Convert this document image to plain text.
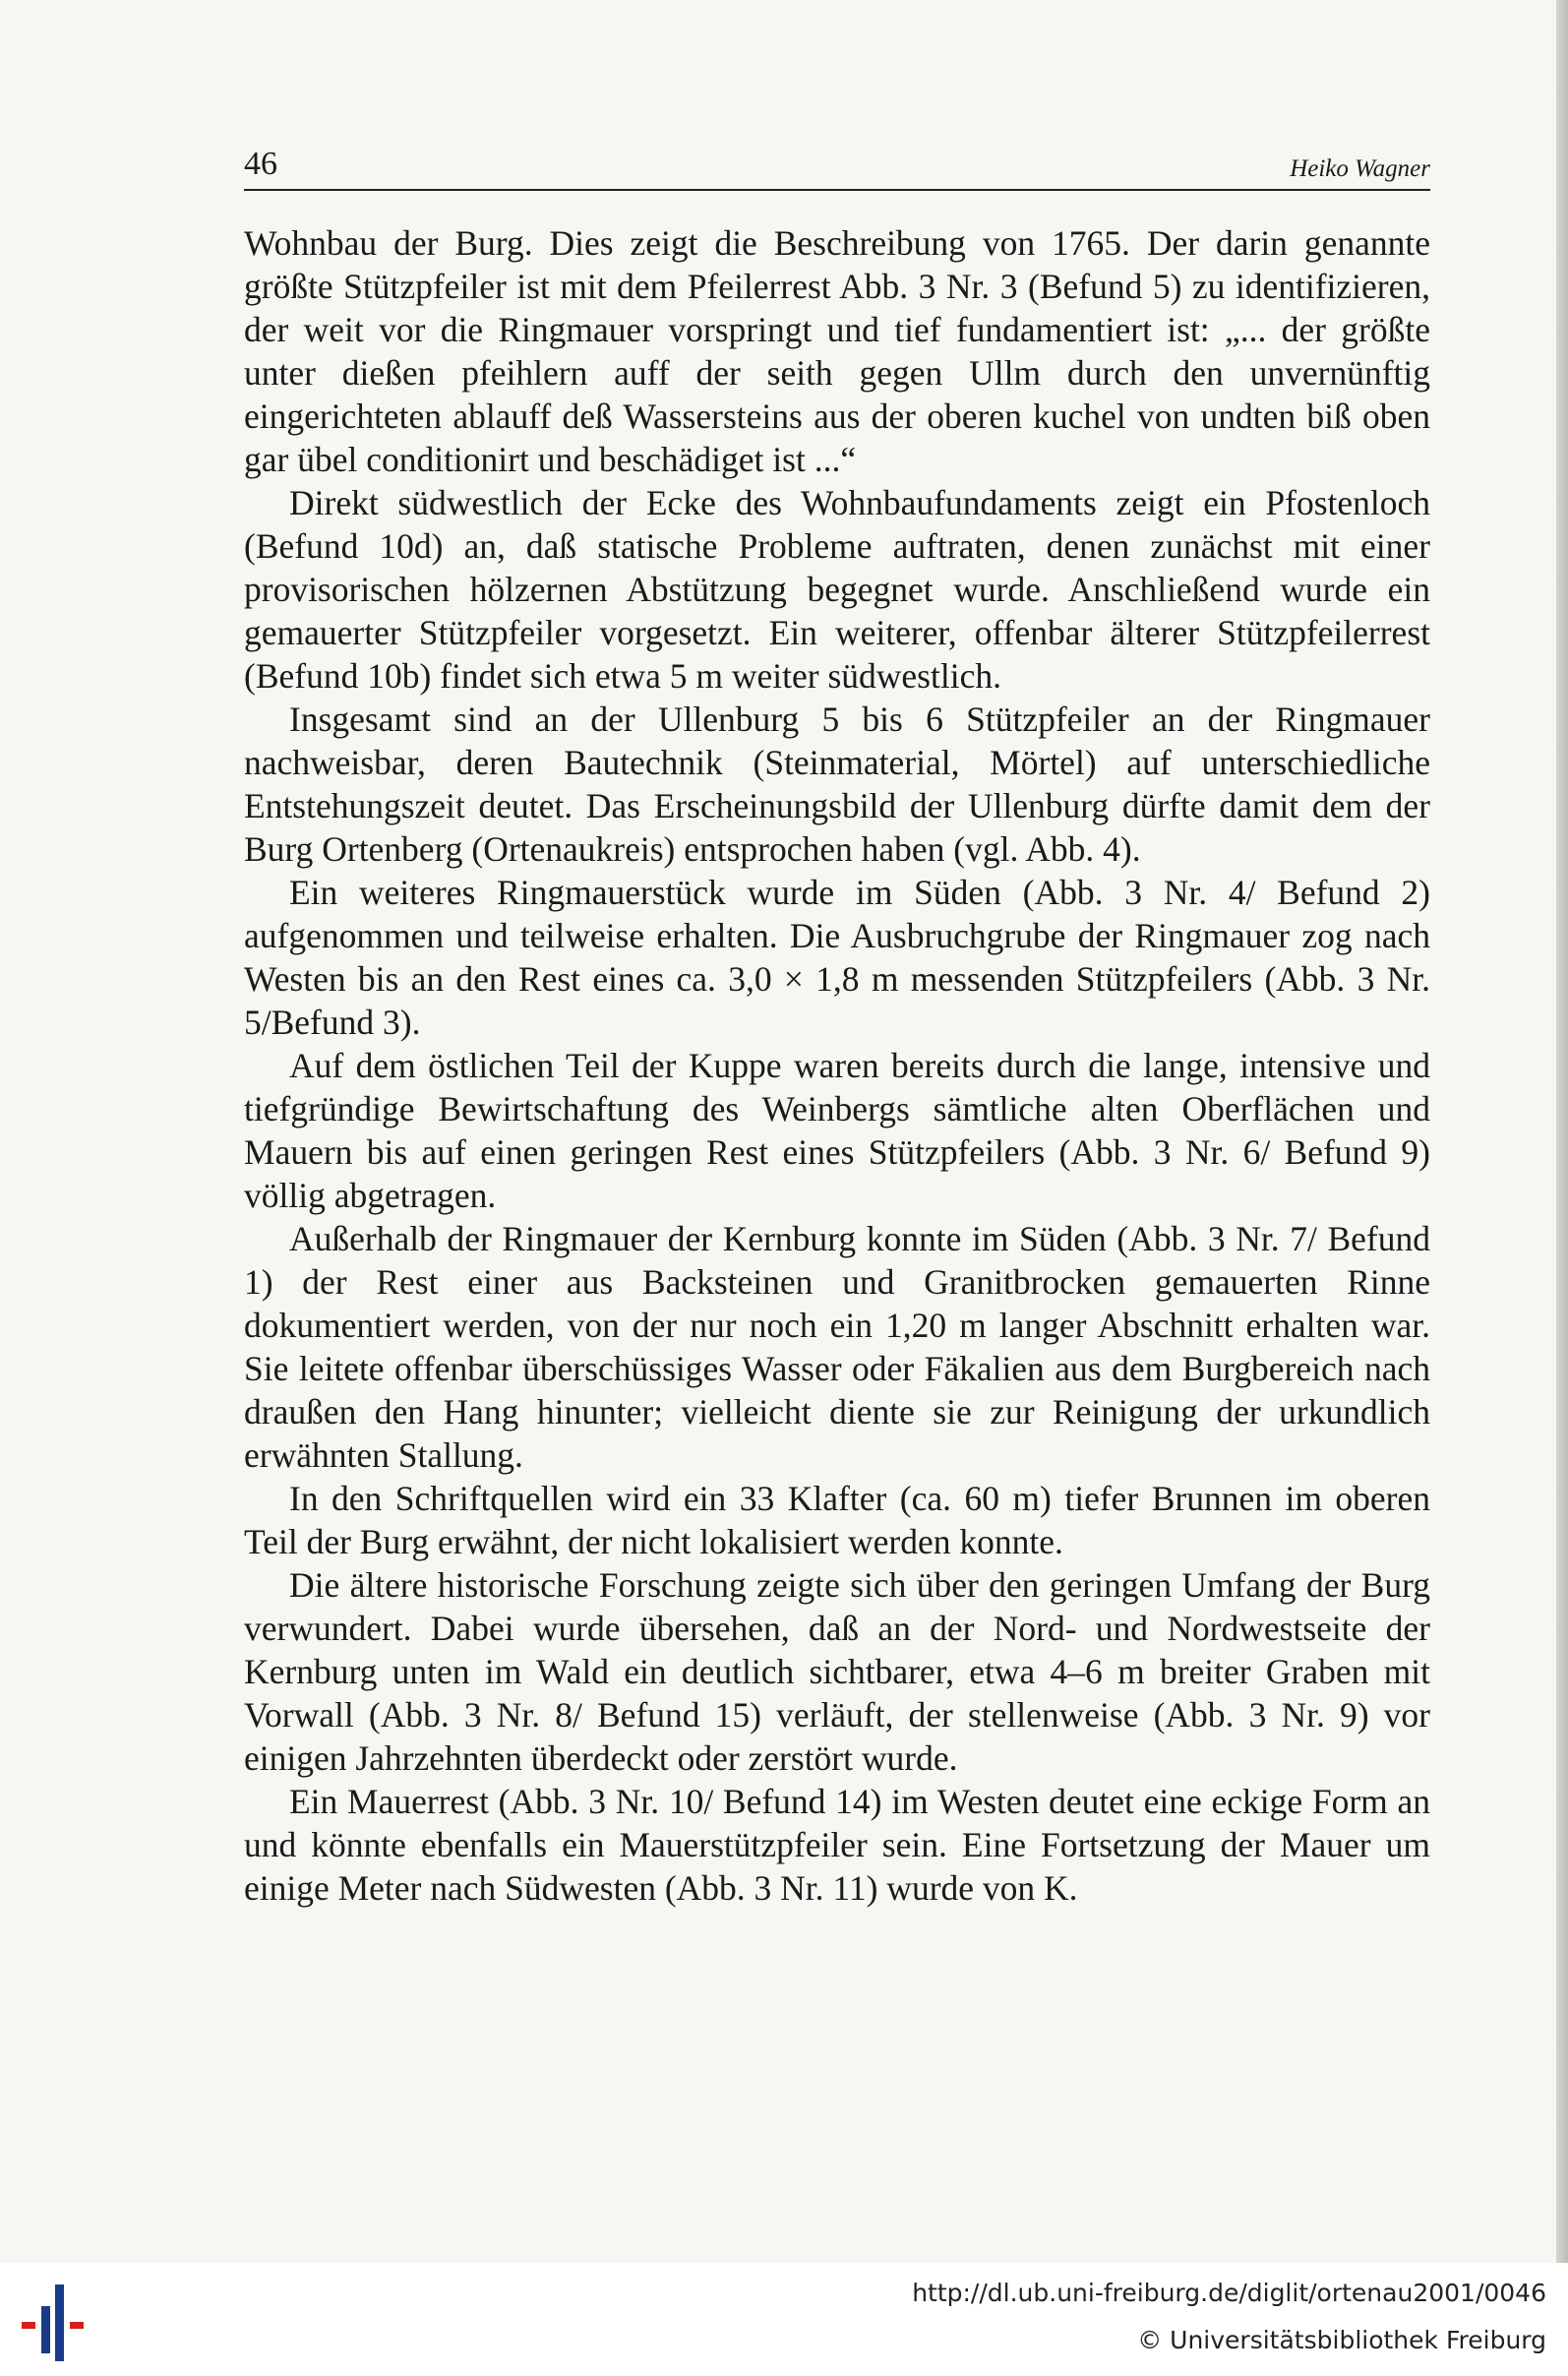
46	Heiko Wagner

Wohnbau der Burg. Dies zeigt die Beschreibung von 1765. Der darin genannte größte Stützpfeiler ist mit dem Pfeilerrest Abb. 3 Nr. 3 (Befund 5) zu identifizieren, der weit vor die Ringmauer vorspringt und tief fundamentiert ist: „... der größte unter dießen pfeihlern auff der seith gegen Ullm durch den unvernünftig eingerichteten ablauff deß Wassersteins aus der oberen kuchel von undten biß oben gar übel conditionirt und beschädiget ist ...“

Direkt südwestlich der Ecke des Wohnbaufundaments zeigt ein Pfostenloch (Befund 10d) an, daß statische Probleme auftraten, denen zunächst mit einer provisorischen hölzernen Abstützung begegnet wurde. Anschließend wurde ein gemauerter Stützpfeiler vorgesetzt. Ein weiterer, offenbar älterer Stützpfeilerrest (Befund 10b) findet sich etwa 5 m weiter südwestlich.

Insgesamt sind an der Ullenburg 5 bis 6 Stützpfeiler an der Ringmauer nachweisbar, deren Bautechnik (Steinmaterial, Mörtel) auf unterschiedliche Entstehungszeit deutet. Das Erscheinungsbild der Ullenburg dürfte damit dem der Burg Ortenberg (Ortenaukreis) entsprochen haben (vgl. Abb. 4).

Ein weiteres Ringmauerstück wurde im Süden (Abb. 3 Nr. 4/ Befund 2) aufgenommen und teilweise erhalten. Die Ausbruchgrube der Ringmauer zog nach Westen bis an den Rest eines ca. 3,0 × 1,8 m messenden Stützpfeilers (Abb. 3 Nr. 5/Befund 3).

Auf dem östlichen Teil der Kuppe waren bereits durch die lange, intensive und tiefgründige Bewirtschaftung des Weinbergs sämtliche alten Oberflächen und Mauern bis auf einen geringen Rest eines Stützpfeilers (Abb. 3 Nr. 6/ Befund 9) völlig abgetragen.

Außerhalb der Ringmauer der Kernburg konnte im Süden (Abb. 3 Nr. 7/ Befund 1) der Rest einer aus Backsteinen und Granitbrocken gemauerten Rinne dokumentiert werden, von der nur noch ein 1,20 m langer Abschnitt erhalten war. Sie leitete offenbar überschüssiges Wasser oder Fäkalien aus dem Burgbereich nach draußen den Hang hinunter; vielleicht diente sie zur Reinigung der urkundlich erwähnten Stallung.

In den Schriftquellen wird ein 33 Klafter (ca. 60 m) tiefer Brunnen im oberen Teil der Burg erwähnt, der nicht lokalisiert werden konnte.

Die ältere historische Forschung zeigte sich über den geringen Umfang der Burg verwundert. Dabei wurde übersehen, daß an der Nord- und Nordwestseite der Kernburg unten im Wald ein deutlich sichtbarer, etwa 4–6 m breiter Graben mit Vorwall (Abb. 3 Nr. 8/ Befund 15) verläuft, der stellenweise (Abb. 3 Nr. 9) vor einigen Jahrzehnten überdeckt oder zerstört wurde.

Ein Mauerrest (Abb. 3 Nr. 10/ Befund 14) im Westen deutet eine eckige Form an und könnte ebenfalls ein Mauerstützpfeiler sein. Eine Fortsetzung der Mauer um einige Meter nach Südwesten (Abb. 3 Nr. 11) wurde von K.

http://dl.ub.uni-freiburg.de/diglit/ortenau2001/0046
© Universitätsbibliothek Freiburg
